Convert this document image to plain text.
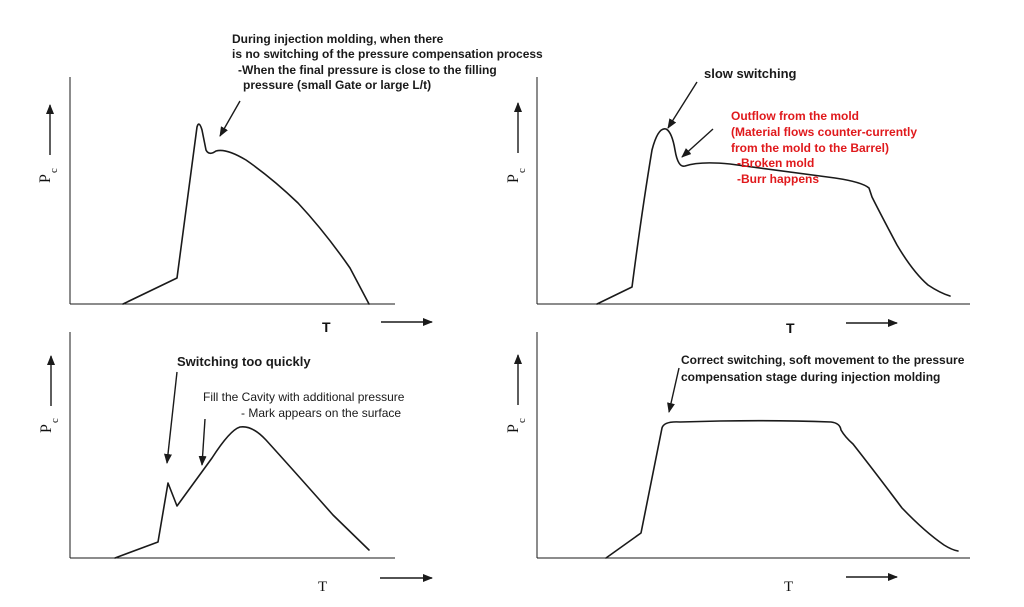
During injection molding, when there
is no switching of the pressure compensation process
-When the final pressure is close to the filling
pressure (small Gate or large L/t)
P
c
T
slow switching
Outflow from the mold
(Material flows counter-currently
from the mold to the Barrel)
-Broken mold
-Burr happens
P
c
T
Switching too quickly
Fill the Cavity with additional pressure
- Mark appears on the surface
P
c
T
Correct switching, soft movement to the pressure
compensation stage during injection molding
P
c
T
